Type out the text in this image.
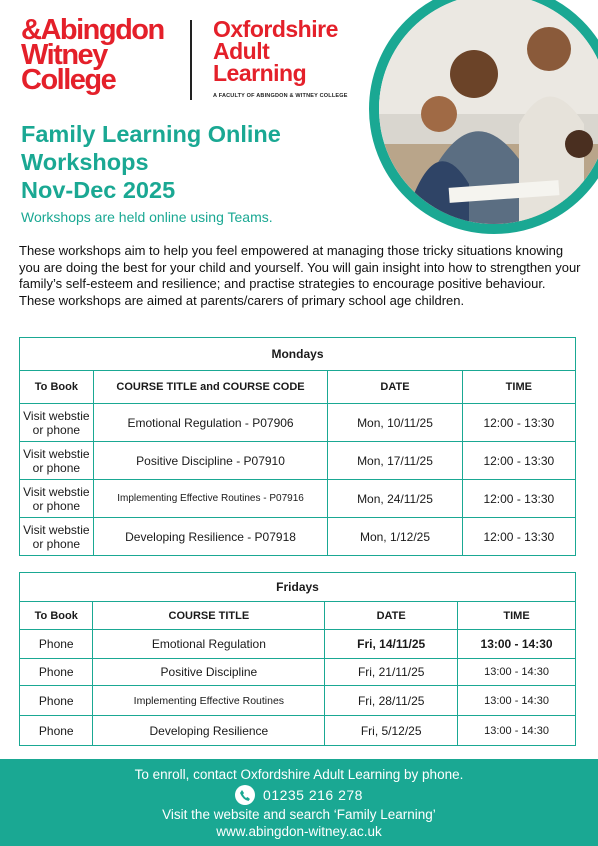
&Abingdon
Witney
College
Oxfordshire
Adult
Learning
A FACULTY OF ABINGDON & WITNEY COLLEGE
Family Learning Online
Workshops
Nov-Dec 2025
Workshops are held online using Teams.
These workshops aim to help you feel empowered at managing those tricky situations knowing you are doing the best for your child and yourself. You will gain insight into how to strengthen your family’s self-esteem and resilience; and practise strategies to encourage positive behaviour. These workshops are aimed at parents/carers of primary school age children.
Mondays			
To Book	COURSE TITLE and COURSE CODE	DATE	TIME
Visit webstie or phone	Emotional Regulation - P07906	Mon, 10/11/25	12:00 - 13:30
Visit webstie or phone	Positive Discipline - P07910	Mon, 17/11/25	12:00 - 13:30
Visit webstie or phone	Implementing Effective Routines - P07916	Mon, 24/11/25	12:00 - 13:30
Visit webstie or phone	Developing Resilience - P07918	Mon, 1/12/25	12:00 - 13:30
Fridays			
To Book	COURSE TITLE	DATE	TIME
Phone	Emotional Regulation	Fri, 14/11/25	13:00 - 14:30
Phone	Positive Discipline	Fri, 21/11/25	13:00 - 14:30
Phone	Implementing Effective Routines	Fri, 28/11/25	13:00 - 14:30
Phone	Developing Resilience	Fri, 5/12/25	13:00 - 14:30
To enroll, contact Oxfordshire Adult Learning by phone.
01235 216 278
Visit the website and search ‘Family Learning’
www.abingdon-witney.ac.uk
